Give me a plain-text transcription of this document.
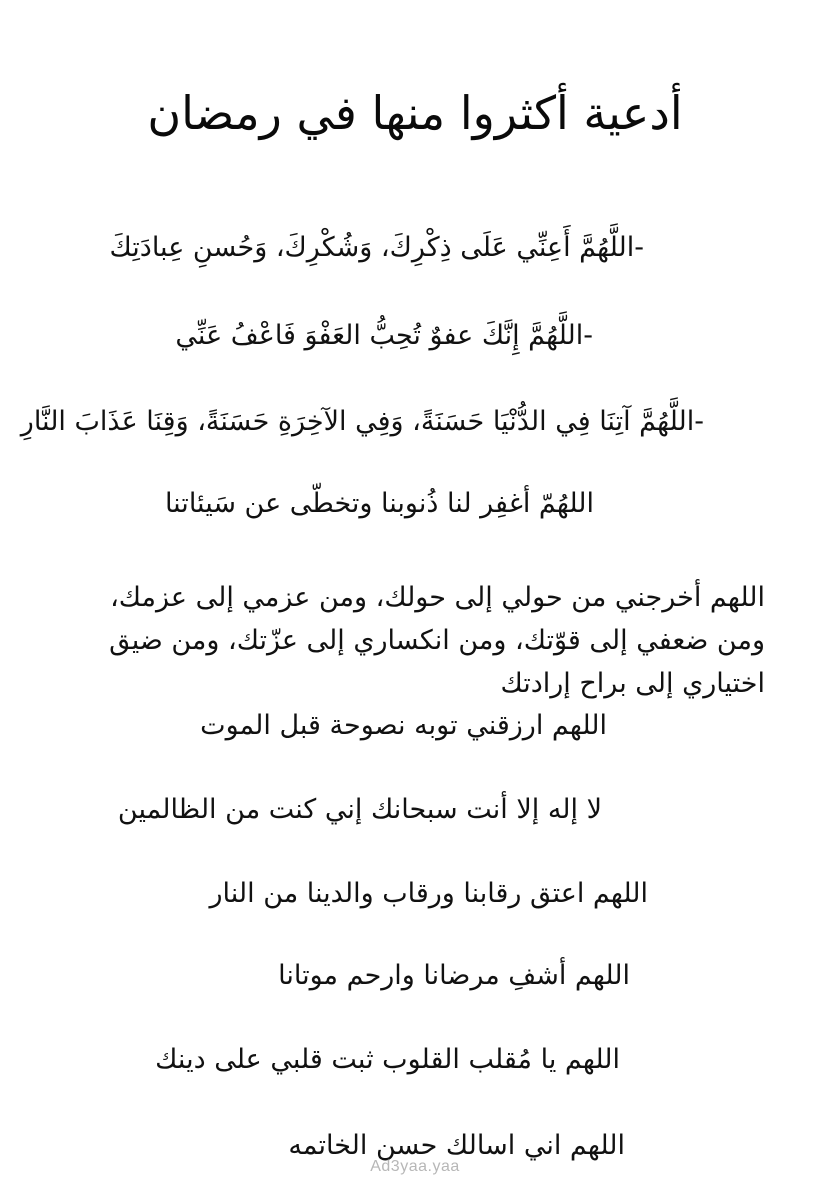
أدعية أكثروا منها في رمضان
-اللَّهُمَّ أَعِنِّي عَلَى ذِكْرِكَ، وَشُكْرِكَ، وَحُسنِ عِبادَتِكَ
-اللَّهُمَّ إِنَّكَ عفوٌ تُحِبُّ العَفْوَ فَاعْفُ عَنِّي
-اللَّهُمَّ آتِنَا فِي الدُّنْيَا حَسَنَةً، وَفِي الآخِرَةِ حَسَنَةً، وَقِنَا عَذَابَ النَّارِ
اللهُمّ أغفِر لنا ذُنوبنا وتخطّى عن سَيئاتنا
اللهم أخرجني من حولي إلى حولك، ومن عزمي إلى عزمك، ومن ضعفي إلى قوّتك، ومن انكساري إلى عزّتك، ومن ضيق اختياري إلى براح إرادتك
اللهم ارزقني توبه نصوحة قبل الموت
لا إله إلا أنت سبحانك إني كنت من الظالمين
اللهم اعتق رقابنا ورقاب والدينا من النار
اللهم أشفِ مرضانا وارحم موتانا
اللهم يا مُقلب القلوب ثبت قلبي على دينك
اللهم اني اسالك حسن الخاتمه
Ad3yaa.yaa
